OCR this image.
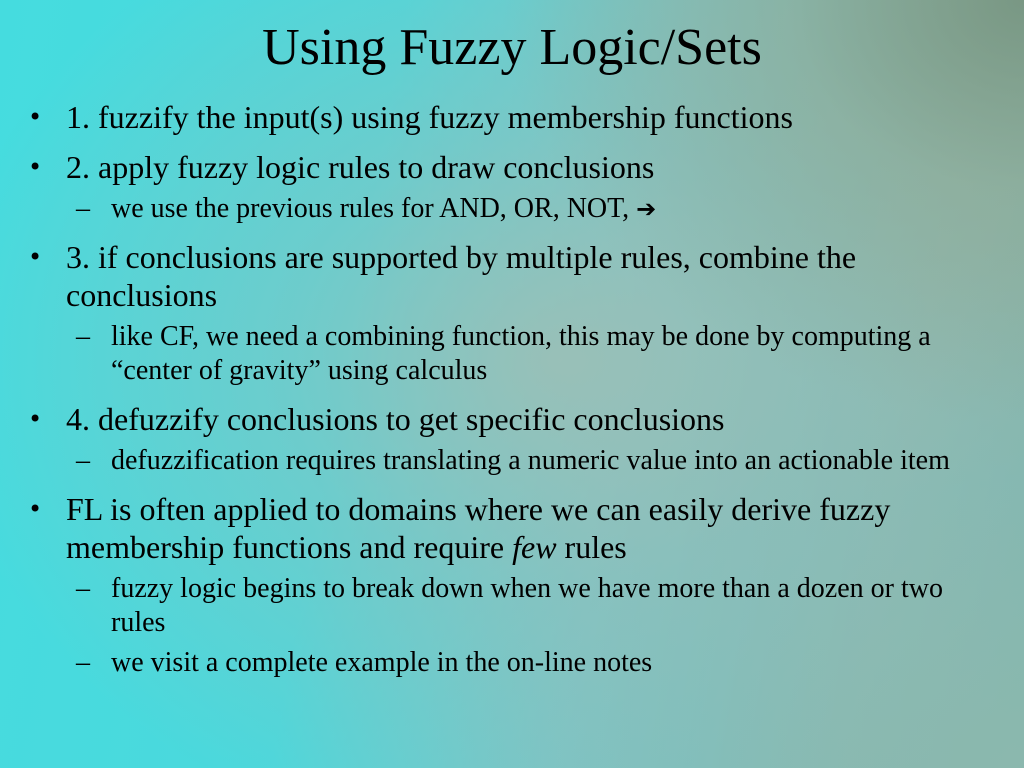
Using Fuzzy Logic/Sets
• 1. fuzzify the input(s) using fuzzy membership functions
• 2. apply fuzzy logic rules to draw conclusions
– we use the previous rules for AND, OR, NOT, ➔
• 3. if conclusions are supported by multiple rules, combine the conclusions
– like CF, we need a combining function, this may be done by computing a “center of gravity” using calculus
• 4. defuzzify conclusions to get specific conclusions
– defuzzification requires translating a numeric value into an actionable item
• FL is often applied to domains where we can easily derive fuzzy membership functions and require few rules
– fuzzy logic begins to break down when we have more than a dozen or two rules
– we visit a complete example in the on-line notes
